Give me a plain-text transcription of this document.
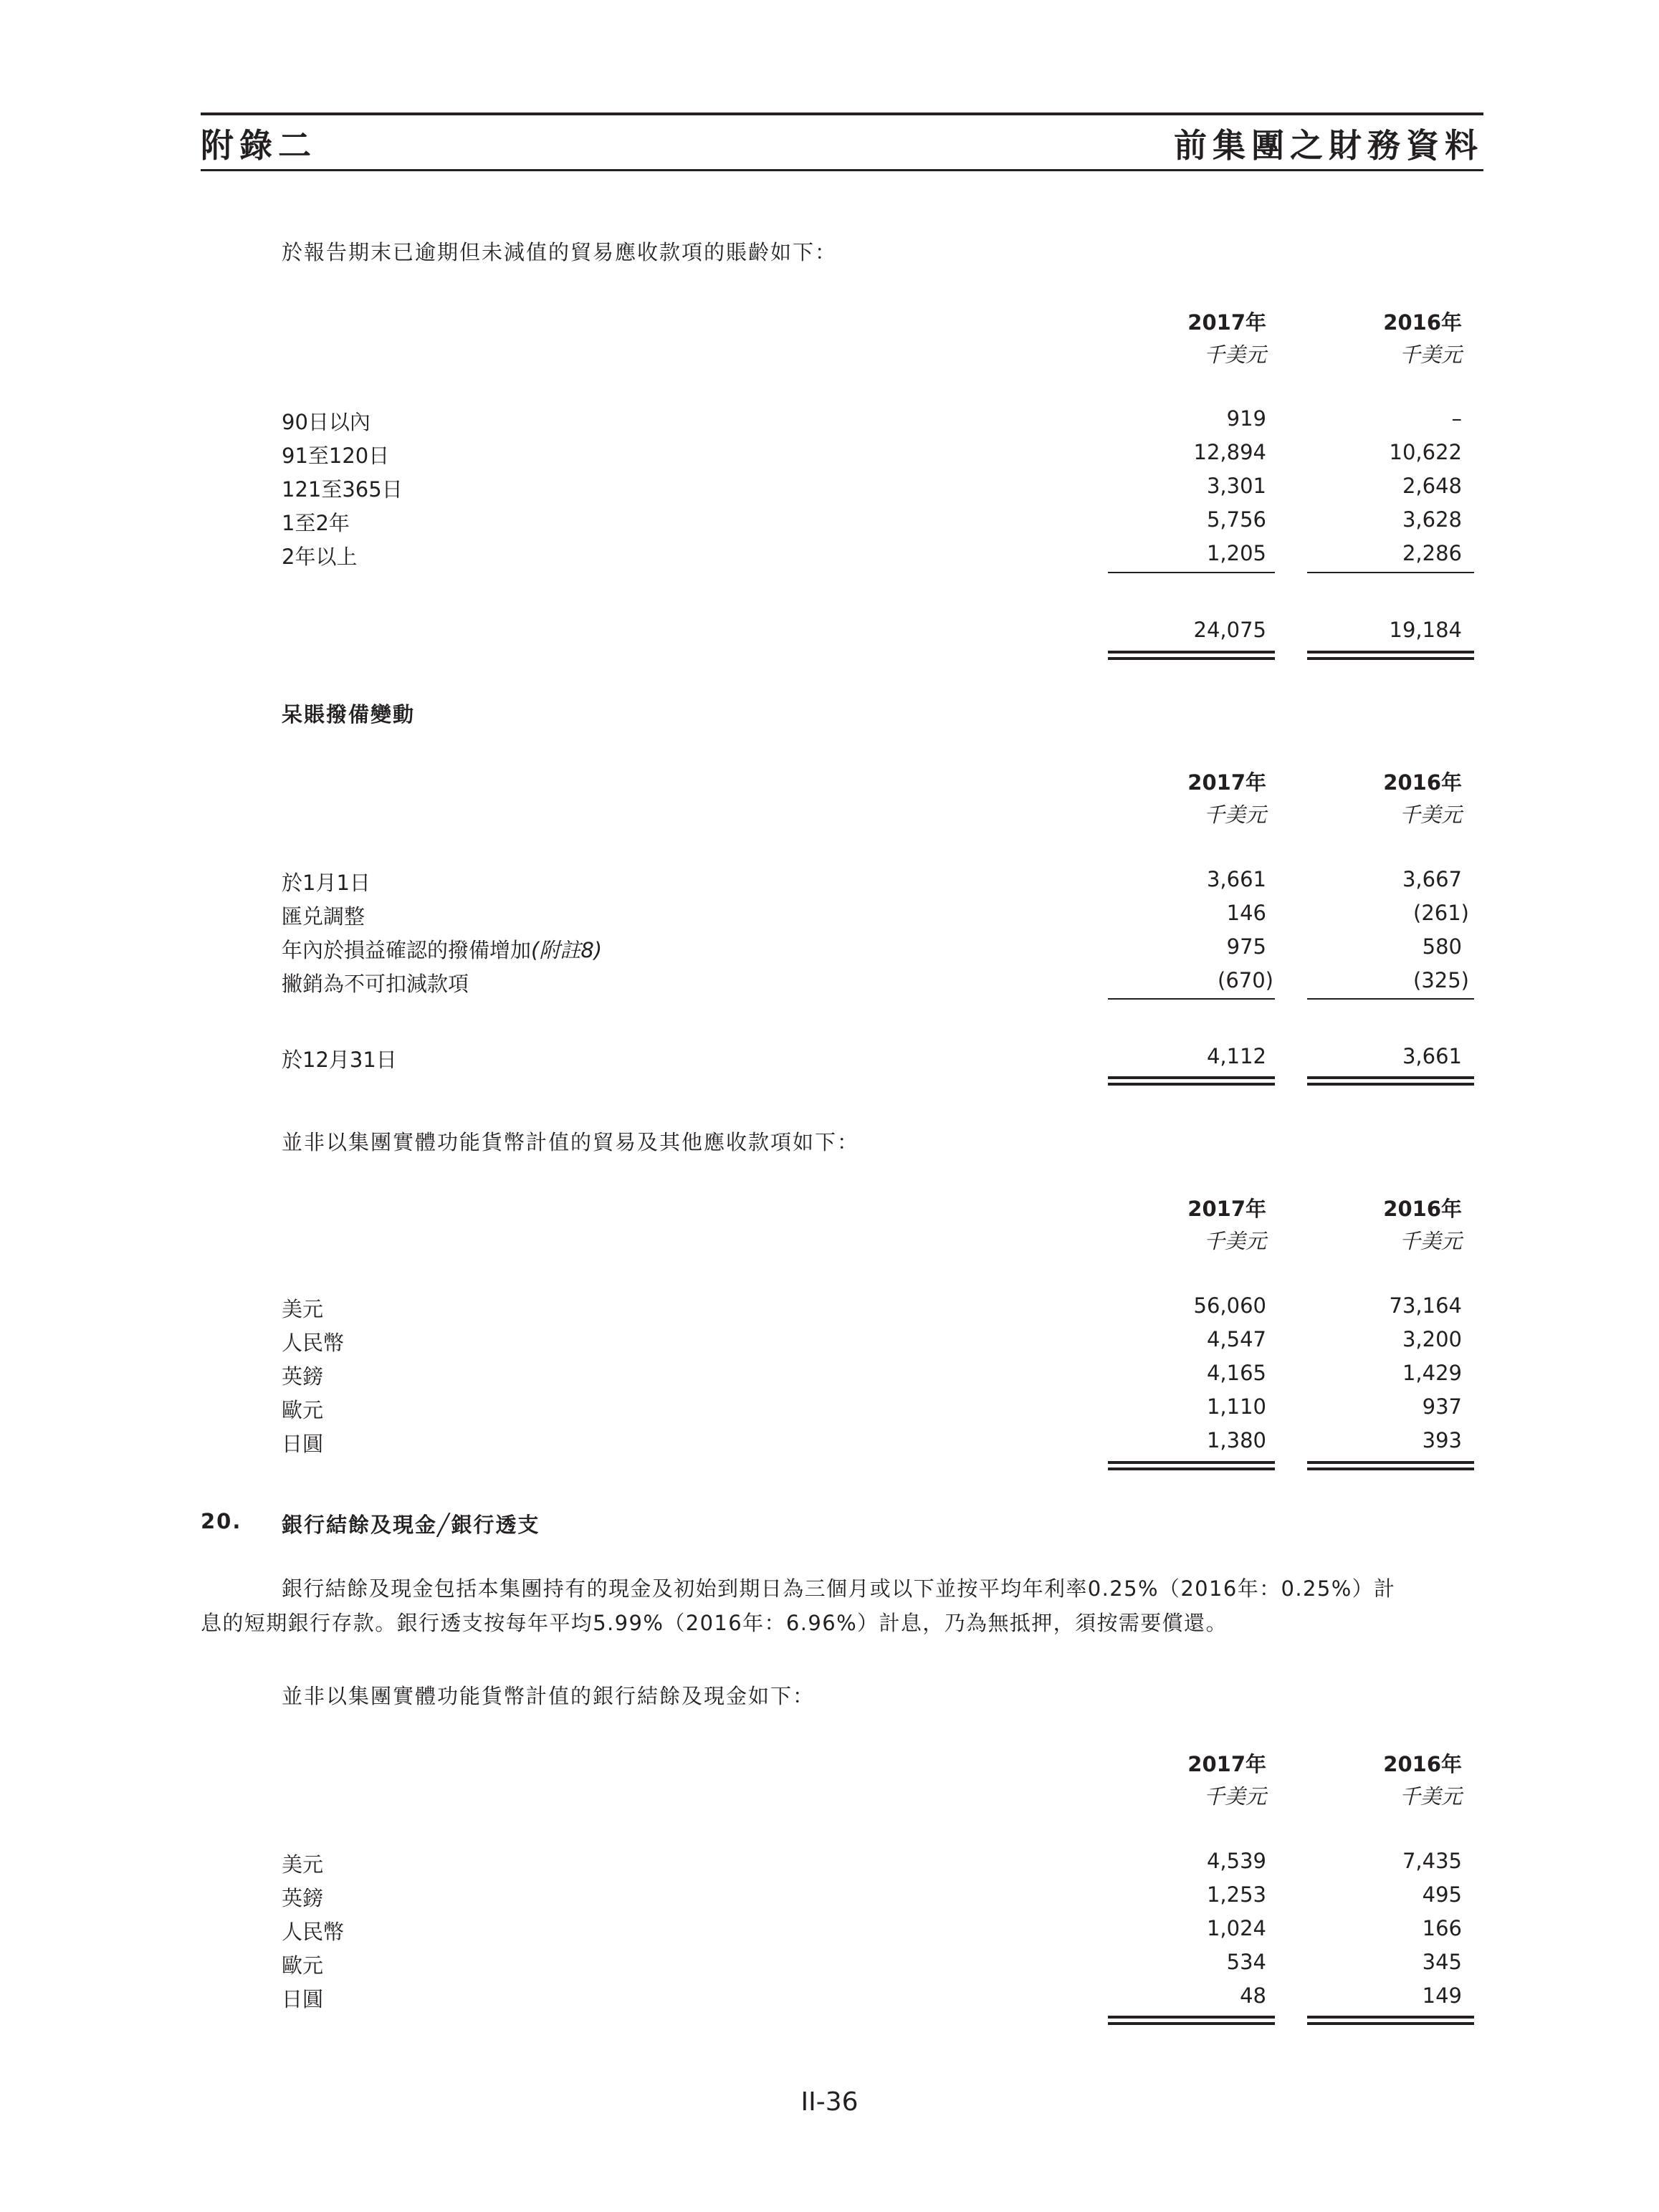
附錄二	前集團之財務資料
於報告期末已逾期但未減值的貿易應收款項的賬齡如下：
2017年	2016年
千美元	千美元
90日以內	919	–
91至120日	12,894	10,622
121至365日	3,301	2,648
1至2年	5,756	3,628
2年以上	1,205	2,286
24,075	19,184
呆賬撥備變動
2017年	2016年
千美元	千美元
於1月1日	3,661	3,667
匯兑調整	146	(261)
年內於損益確認的撥備增加(附註8)	975	580
撇銷為不可扣減款項	(670)	(325)
於12月31日	4,112	3,661
並非以集團實體功能貨幣計值的貿易及其他應收款項如下：
2017年	2016年
千美元	千美元
美元	56,060	73,164
人民幣	4,547	3,200
英鎊	4,165	1,429
歐元	1,110	937
日圓	1,380	393
20. 銀行結餘及現金╱銀行透支
銀行結餘及現金包括本集團持有的現金及初始到期日為三個月或以下並按平均年利率0.25%（2016年：0.25%）計
息的短期銀行存款。銀行透支按每年平均5.99%（2016年：6.96%）計息，乃為無抵押，須按需要償還。
並非以集團實體功能貨幣計值的銀行結餘及現金如下：
2017年	2016年
千美元	千美元
美元	4,539	7,435
英鎊	1,253	495
人民幣	1,024	166
歐元	534	345
日圓	48	149
II-36
